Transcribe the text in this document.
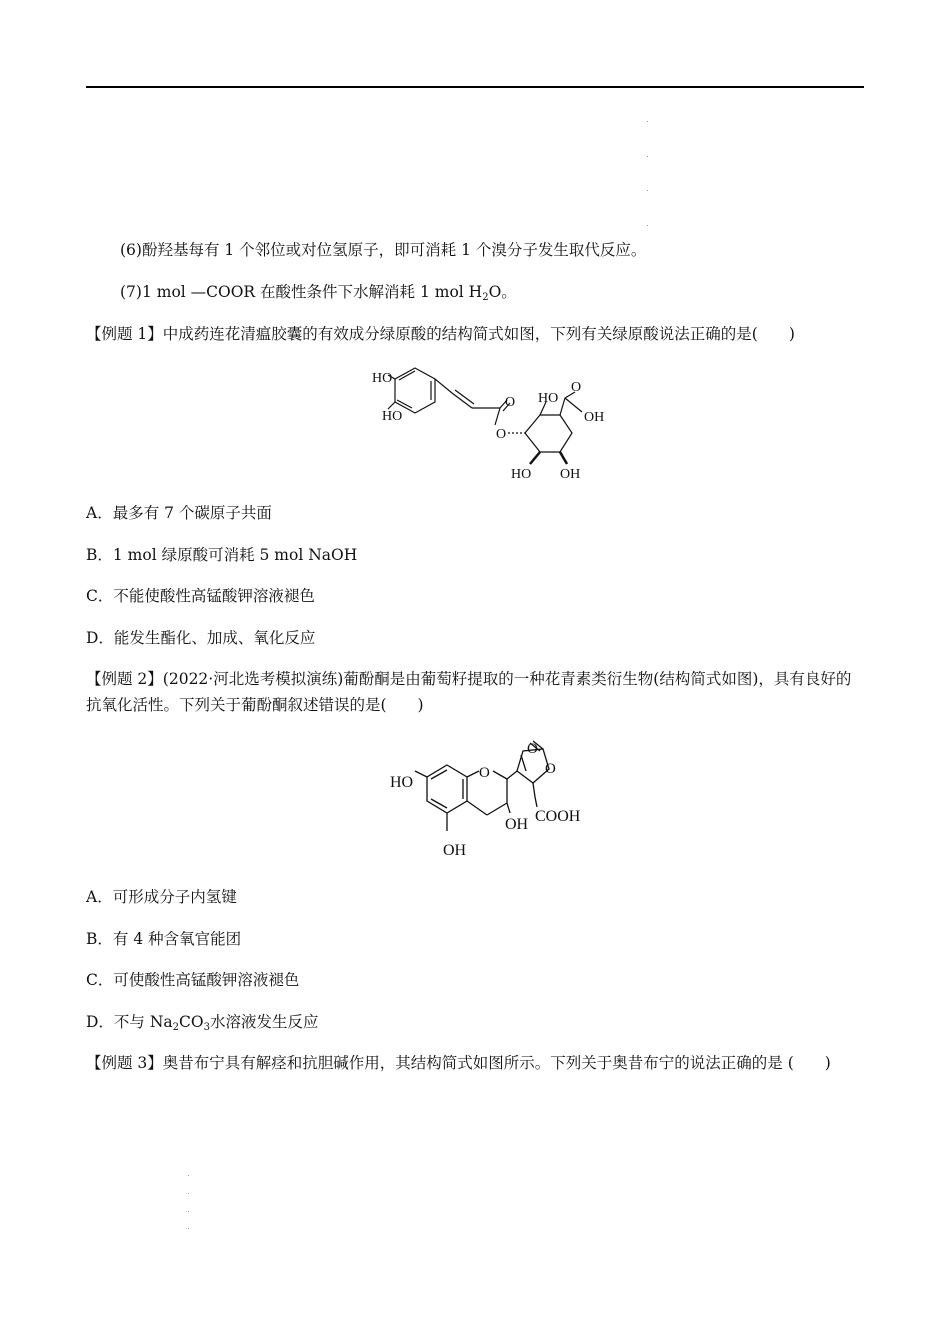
(6)酚羟基每有 1 个邻位或对位氢原子，即可消耗 1 个溴分子发生取代反应。
(7)1 mol —COOR 在酸性条件下水解消耗 1 mol $H_2O$。
【例题 1】中成药连花清瘟胶囊的有效成分绿原酸的结构简式如图，下列有关绿原酸说法正确的是(　　)
HO
HO
O
O
HO
O
OH
HO OH
A．最多有 7 个碳原子共面
B．1 mol 绿原酸可消耗 5 mol NaOH
C．不能使酸性高锰酸钾溶液褪色
D．能发生酯化、加成、氧化反应
【例题 2】(2022·河北选考模拟演练)葡酚酮是由葡萄籽提取的一种花青素类衍生物(结构简式如图)，具有良好的抗氧化活性。下列关于葡酚酮叙述错误的是(　　)
O
O
O
HO
OH COOH
OH
A．可形成分子内氢键
B．有 4 种含氧官能团
C．可使酸性高锰酸钾溶液褪色
D．不与 $Na_2CO_3$水溶液发生反应
【例题 3】奥昔布宁具有解痉和抗胆碱作用，其结构简式如图所示。下列关于奥昔布宁的说法正确的是 (　　)
